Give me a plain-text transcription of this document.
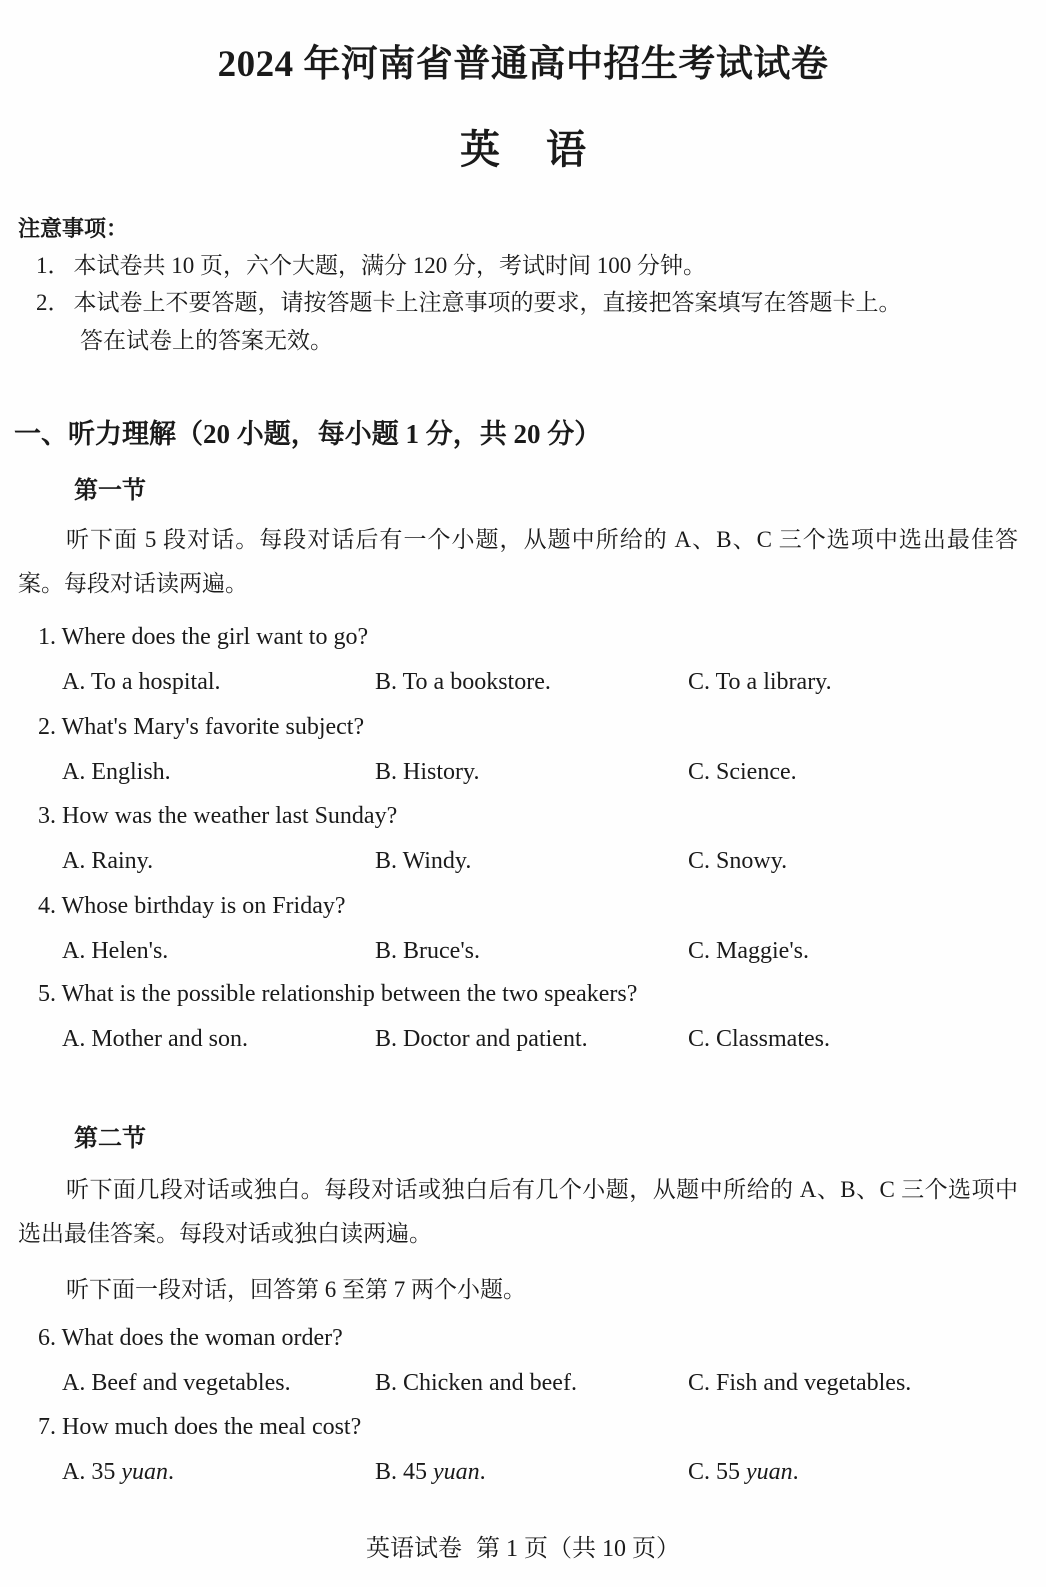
2024 年河南省普通高中招生考试试卷
英 语
注意事项：
1． 本试卷共 10 页，六个大题，满分 120 分，考试时间 100 分钟。
2． 本试卷上不要答题，请按答题卡上注意事项的要求，直接把答案填写在答题卡上。
答在试卷上的答案无效。
一、听力理解（20 小题，每小题 1 分，共 20 分）
第一节
听下面 5 段对话。每段对话后有一个小题，从题中所给的 A、B、C 三个选项中选出最佳答案。每段对话读两遍。
1. Where does the girl want to go?
A. To a hospital.	B. To a bookstore.	C. To a library.
2. What's Mary's favorite subject?
A. English.	B. History.	C. Science.
3. How was the weather last Sunday?
A. Rainy.	B. Windy.	C. Snowy.
4. Whose birthday is on Friday?
A. Helen's.	B. Bruce's.	C. Maggie's.
5. What is the possible relationship between the two speakers?
A. Mother and son.	B. Doctor and patient.	C. Classmates.
第二节
听下面几段对话或独白。每段对话或独白后有几个小题，从题中所给的 A、B、C 三个选项中选出最佳答案。每段对话或独白读两遍。
听下面一段对话，回答第 6 至第 7 两个小题。
6. What does the woman order?
A. Beef and vegetables.	B. Chicken and beef.	C. Fish and vegetables.
7. How much does the meal cost?
A. 35 yuan.	B. 45 yuan.	C. 55 yuan.
英语试卷 第 1 页（共 10 页）
